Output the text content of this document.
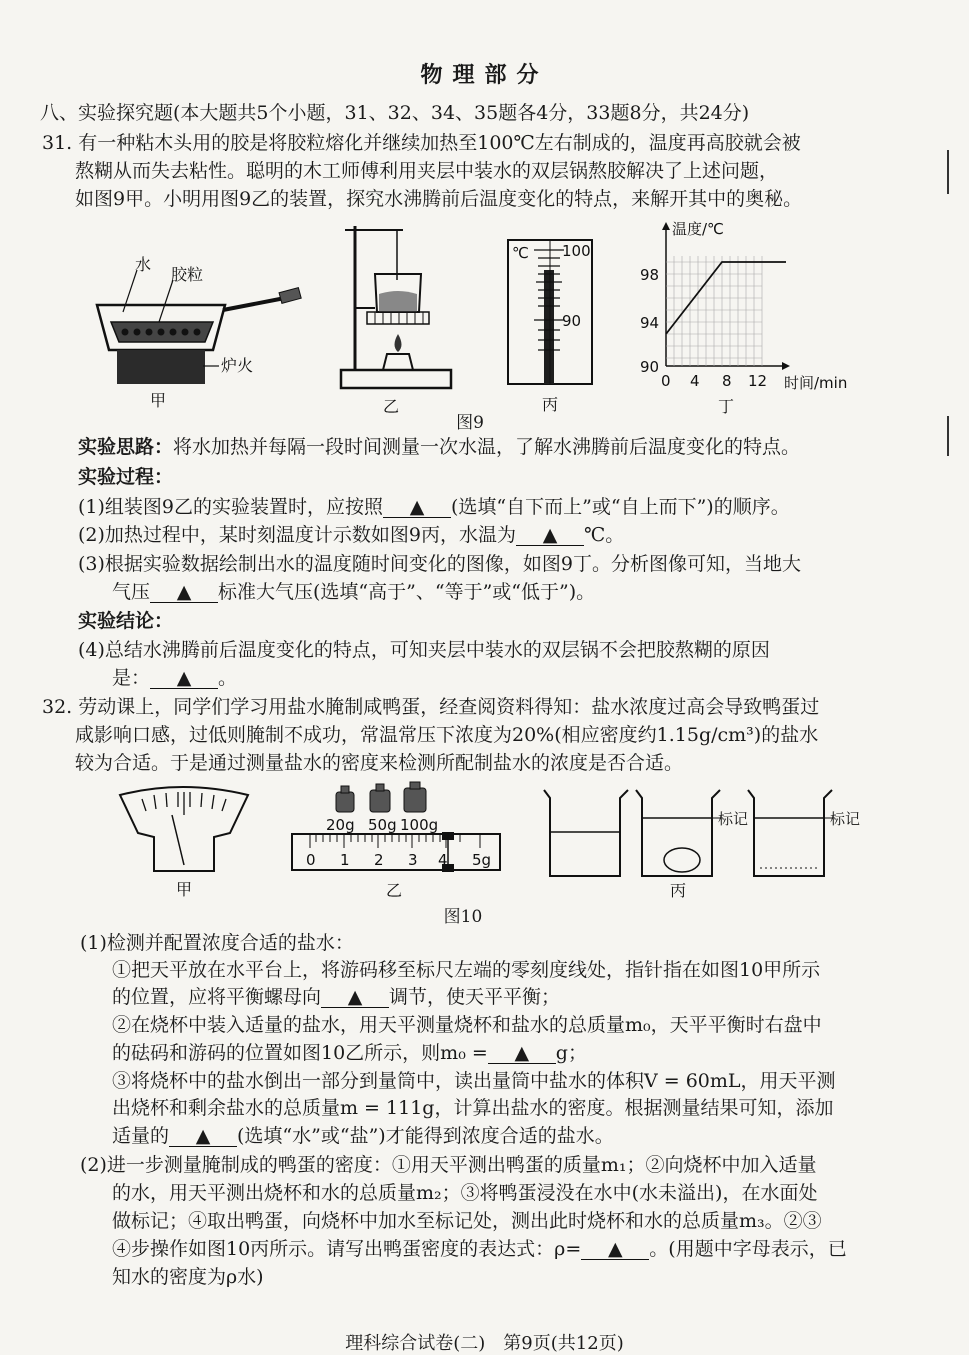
物理部分
八、实验探究题(本大题共5个小题，31、32、34、35题各4分，33题8分，共24分)
31. 有一种粘木头用的胶是将胶粒熔化并继续加热至100℃左右制成的，温度再高胶就会被
熬糊从而失去粘性。聪明的木工师傅利用夹层中装水的双层锅熬胶解决了上述问题，
如图9甲。小明用图9乙的装置，探究水沸腾前后温度变化的特点，来解开其中的奥秘。
水
胶粒
炉火
甲	乙
℃ 100
90
丙
温度/℃
98
94
90
0 4 8 12 时间/min
丁
图9
实验思路：将水加热并每隔一段时间测量一次水温，了解水沸腾前后温度变化的特点。
实验过程：
(1)组装图9乙的实验装置时，应按照 ▲ (选填“自下而上”或“自上而下”)的顺序。
(2)加热过程中，某时刻温度计示数如图9丙，水温为 ▲ ℃。
(3)根据实验数据绘制出水的温度随时间变化的图像，如图9丁。分析图像可知，当地大
气压 ▲ 标准大气压(选填“高于”、“等于”或“低于”)。
实验结论：
(4)总结水沸腾前后温度变化的特点，可知夹层中装水的双层锅不会把胶熬糊的原因
是： ▲ 。
32. 劳动课上，同学们学习用盐水腌制咸鸭蛋，经查阅资料得知：盐水浓度过高会导致鸭蛋过
咸影响口感，过低则腌制不成功，常温常压下浓度为20%(相应密度约1.15g/cm³)的盐水
较为合适。于是通过测量盐水的密度来检测所配制盐水的浓度是否合适。
甲
20g 50g 100g
0 1 2 3 4 5g
乙
标记	标记
丙
图10
(1)检测并配置浓度合适的盐水：
①把天平放在水平台上，将游码移至标尺左端的零刻度线处，指针指在如图10甲所示
的位置，应将平衡螺母向 ▲ 调节，使天平平衡；
②在烧杯中装入适量的盐水，用天平测量烧杯和盐水的总质量m₀，天平平衡时右盘中
的砝码和游码的位置如图10乙所示，则m₀ = ▲ g；
③将烧杯中的盐水倒出一部分到量筒中，读出量筒中盐水的体积V = 60mL，用天平测
出烧杯和剩余盐水的总质量m = 111g，计算出盐水的密度。根据测量结果可知，添加
适量的 ▲ (选填“水”或“盐”)才能得到浓度合适的盐水。
(2)进一步测量腌制成的鸭蛋的密度：①用天平测出鸭蛋的质量m₁；②向烧杯中加入适量
的水，用天平测出烧杯和水的总质量m₂；③将鸭蛋浸没在水中(水未溢出)，在水面处
做标记；④取出鸭蛋，向烧杯中加水至标记处，测出此时烧杯和水的总质量m₃。②③
④步操作如图10丙所示。请写出鸭蛋密度的表达式：ρ= ▲ 。(用题中字母表示，已
知水的密度为ρ水)
理科综合试卷(二)　第9页(共12页)
